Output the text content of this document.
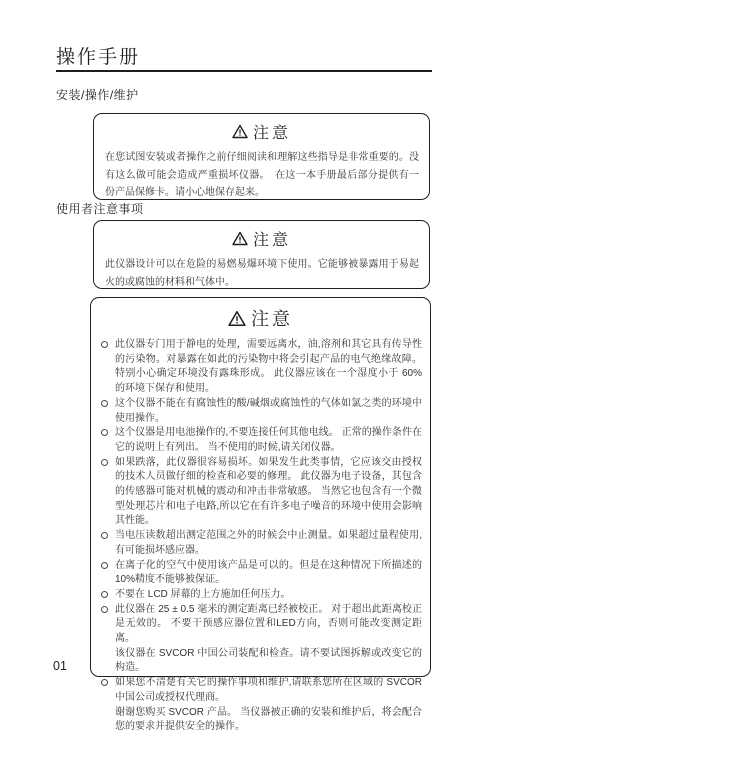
操作手册
安装/操作/维护
注意
在您试图安装或者操作之前仔细阅读和理解这些指导是非常重要的。没有这么做可能会造成严重损坏仪器。　在这一本手册最后部分提供有一份产品保修卡。请小心地保存起来。
使用者注意事项
注意
此仪器设计可以在危险的易燃易爆环境下使用。它能够被暴露用于易起火的或腐蚀的材料和气体中。
注意
此仪器专门用于静电的处理，需要远离水，油,溶剂和其它具有传导性的污染物。对暴露在如此的污染物中将会引起产品的电气绝缘故障。特别小心确定环境没有露珠形成。 此仪器应该在一个湿度小于 60% 的环境下保存和使用。
这个仪器不能在有腐蚀性的酸/碱烟或腐蚀性的气体如氯之类的环境中使用操作。
这个仪器是用电池操作的,不要连接任何其他电线。 正常的操作条件在它的说明上有列出。 当不使用的时候,请关闭仪器。
如果跌落，此仪器很容易损坏。如果发生此类事情，它应该交由授权的技术人员做仔细的检查和必要的修理。 此仪器为电子设备，其包含的传感器可能对机械的震动和冲击非常敏感。 当然它也包含有一个微型处理芯片和电子电路,所以它在有许多电子噪音的环境中使用会影响其性能。
当电压读数超出测定范围之外的时候会中止测量。如果超过量程使用,有可能损坏感应器。
在离子化的空气中使用该产品是可以的。但是在这种情况下所描述的10%精度不能够被保证。
不要在 LCD 屏幕的上方施加任何压力。
此仪器在 25 ± 0.5 毫米的测定距离已经被校正。 对于超出此距离校正是无效的。 不要干预感应器位置和LED方向，否则可能改变测定距离。
该仪器在 SVCOR 中国公司装配和检查。请不要试图拆解或改变它的构造。
如果您不清楚有关它的操作事项和维护,请联系您所在区域的 SVCOR 中国公司或授权代理商。
谢谢您购买 SVCOR 产品。 当仪器被正确的安装和维护后，将会配合您的要求并提供安全的操作。
01
